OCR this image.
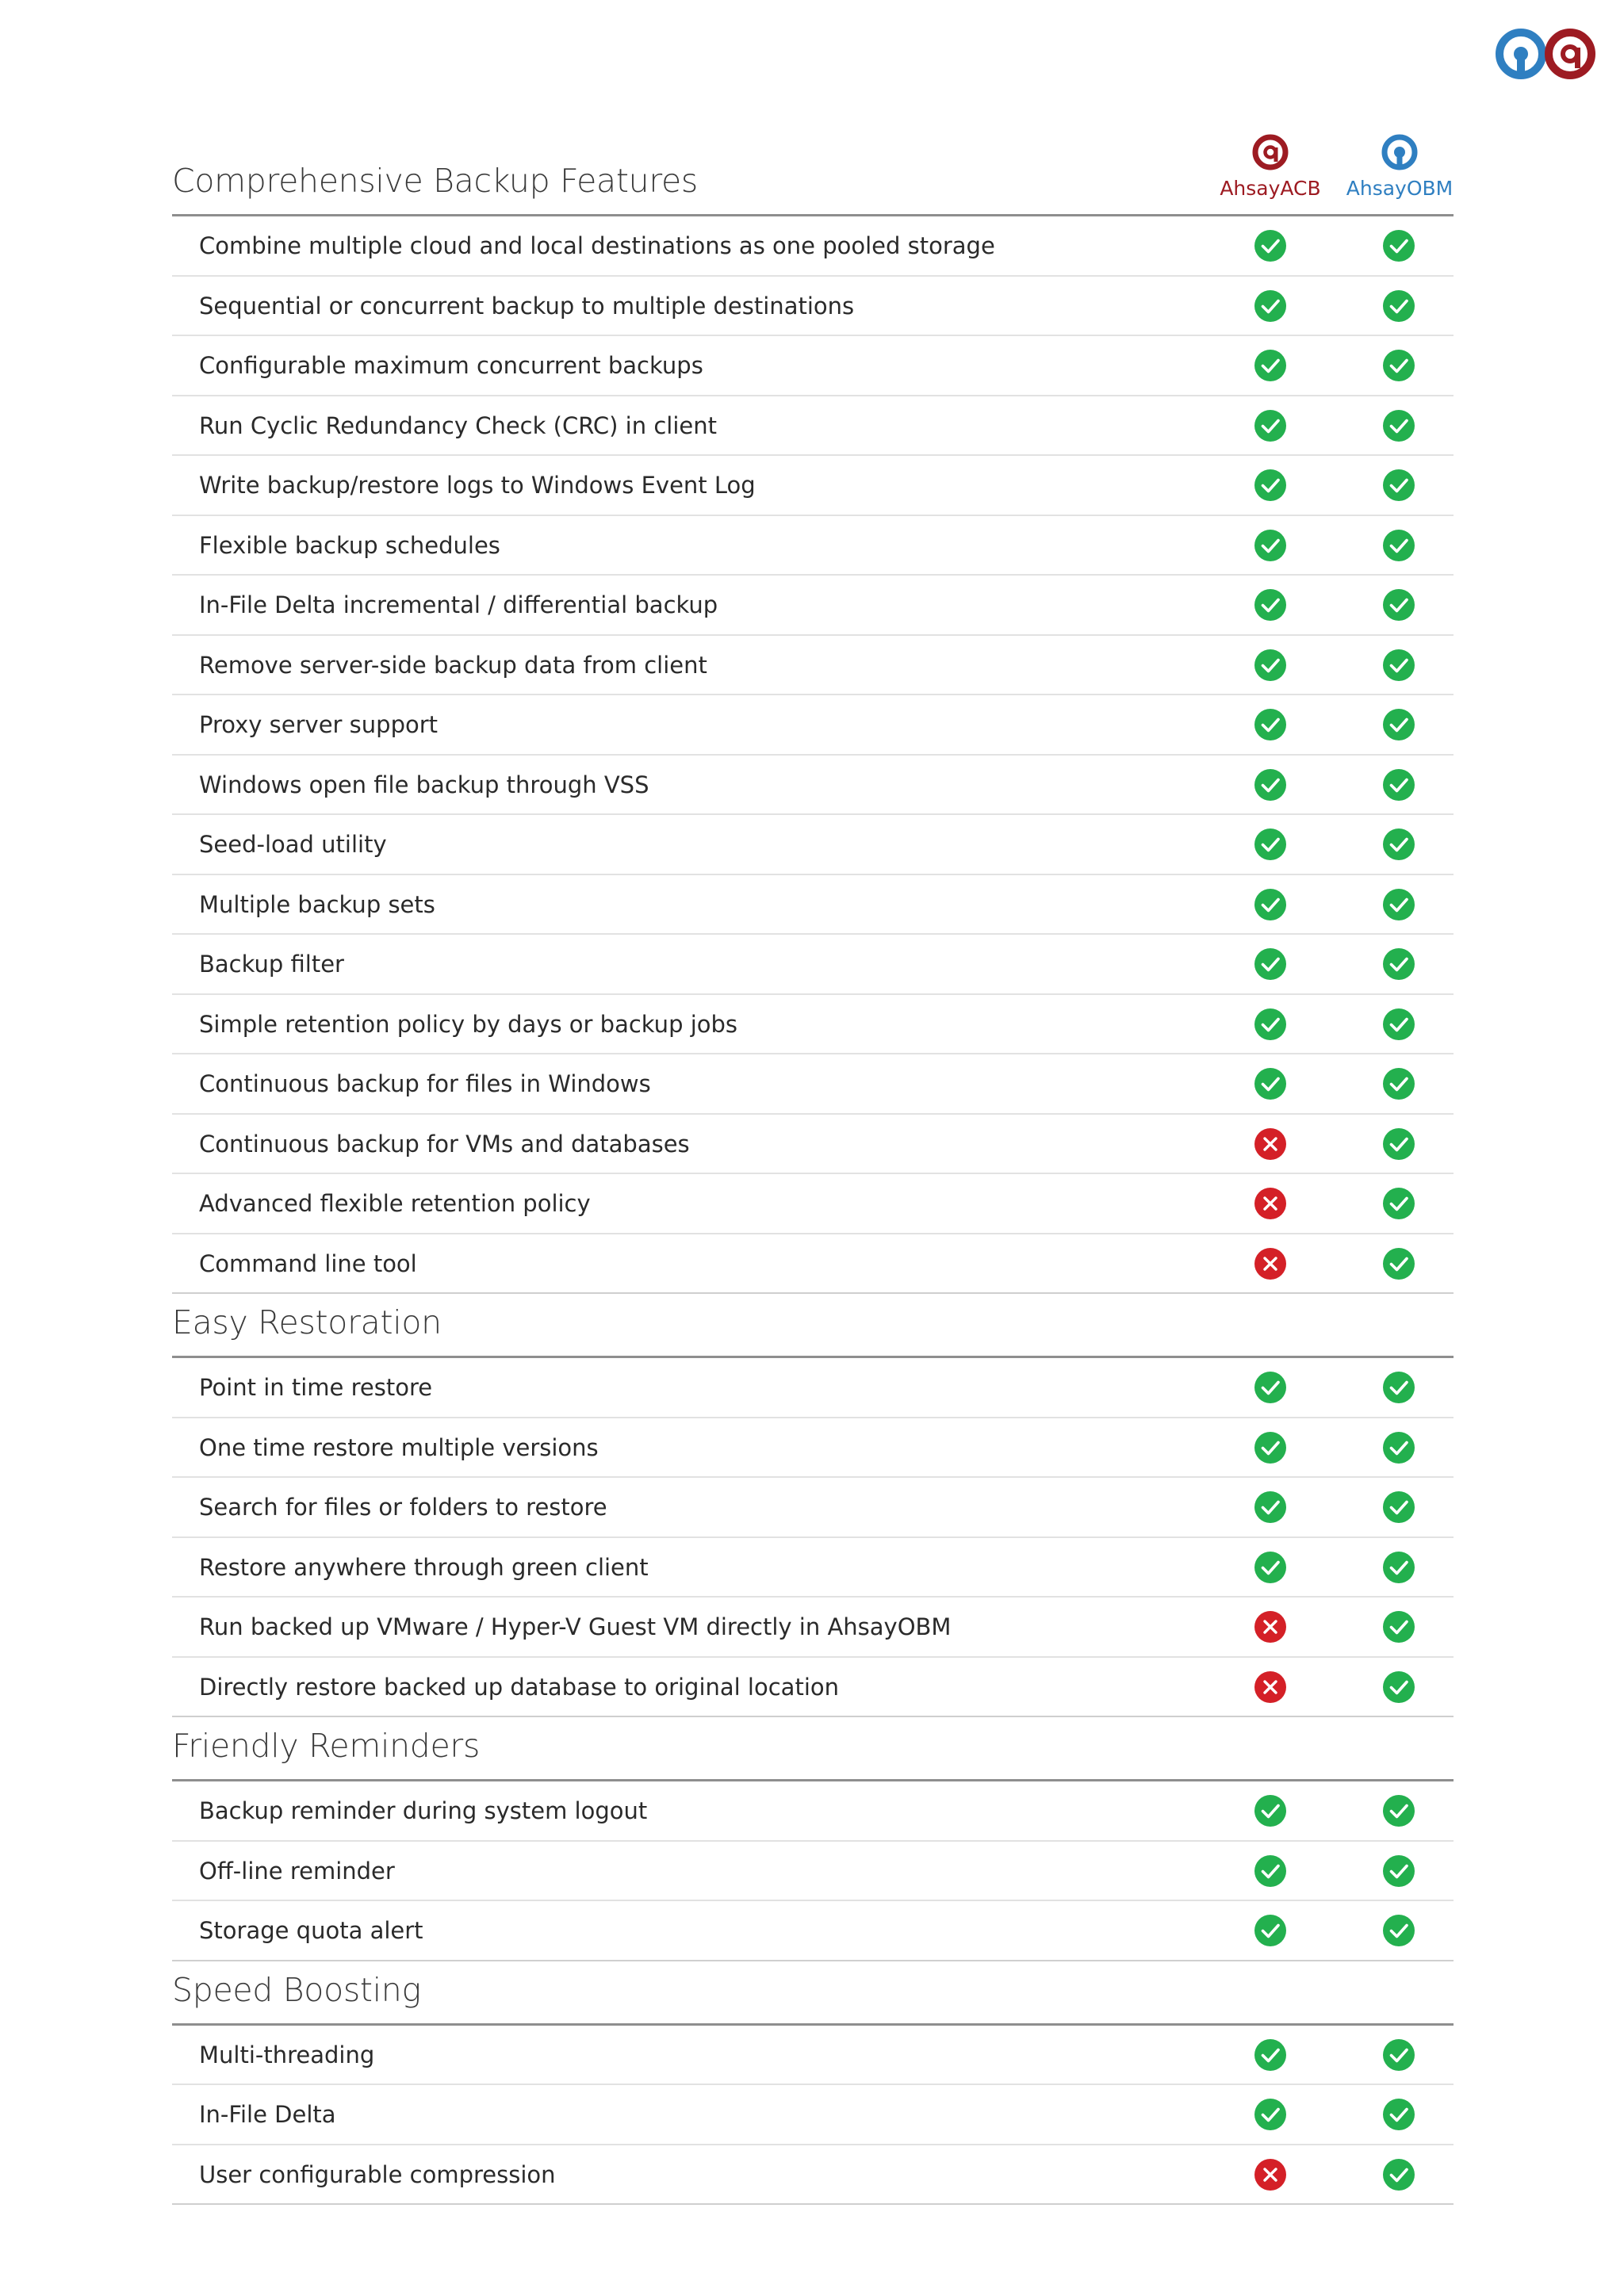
Comprehensive Backup Features	AhsayACB AhsayOBM
Combine multiple cloud and local destinations as one pooled storage
Sequential or concurrent backup to multiple destinations
Configurable maximum concurrent backups
Run Cyclic Redundancy Check (CRC) in client
Write backup/restore logs to Windows Event Log
Flexible backup schedules
In-File Delta incremental / differential backup
Remove server-side backup data from client
Proxy server support
Windows open file backup through VSS
Seed-load utility
Multiple backup sets
Backup filter
Simple retention policy by days or backup jobs
Continuous backup for files in Windows
Continuous backup for VMs and databases
Advanced flexible retention policy
Command line tool
Easy Restoration
Point in time restore
One time restore multiple versions
Search for files or folders to restore
Restore anywhere through green client
Run backed up VMware / Hyper-V Guest VM directly in AhsayOBM
Directly restore backed up database to original location
Friendly Reminders
Backup reminder during system logout
Off-line reminder
Storage quota alert
Speed Boosting
Multi-threading
In-File Delta
User configurable compression
